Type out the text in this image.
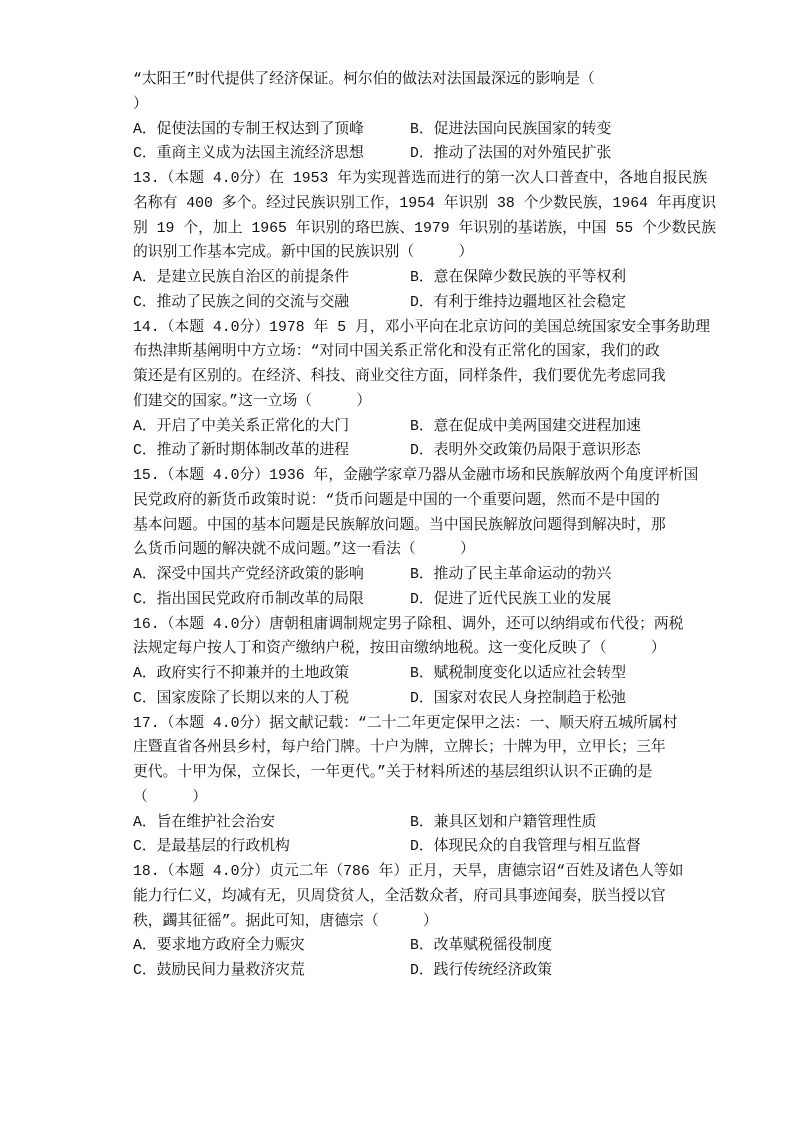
“太阳王”时代提供了经济保证。柯尔伯的做法对法国最深远的影响是（
）
A．促使法国的专制王权达到了顶峰	B．促进法国向民族国家的转变
C．重商主义成为法国主流经济思想	D．推动了法国的对外殖民扩张
13.（本题 4.0分）在 1953 年为实现普选而进行的第一次人口普查中，各地自报民族
名称有 400 多个。经过民族识别工作，1954 年识别 38 个少数民族，1964 年再度识
别 19 个，加上 1965 年识别的珞巴族、1979 年识别的基诺族，中国 55 个少数民族
的识别工作基本完成。新中国的民族识别（　　　）
A．是建立民族自治区的前提条件	B．意在保障少数民族的平等权利
C．推动了民族之间的交流与交融	D．有利于维持边疆地区社会稳定
14.（本题 4.0分）1978 年 5 月，邓小平向在北京访问的美国总统国家安全事务助理
布热津斯基阐明中方立场：“对同中国关系正常化和没有正常化的国家，我们的政
策还是有区别的。在经济、科技、商业交往方面，同样条件，我们要优先考虑同我
们建交的国家。”这一立场（　　　）
A．开启了中美关系正常化的大门	B．意在促成中美两国建交进程加速
C．推动了新时期体制改革的进程	D．表明外交政策仍局限于意识形态
15.（本题 4.0分）1936 年，金融学家章乃器从金融市场和民族解放两个角度评析国
民党政府的新货币政策时说：“货币问题是中国的一个重要问题，然而不是中国的
基本问题。中国的基本问题是民族解放问题。当中国民族解放问题得到解决时，那
么货币问题的解决就不成问题。”这一看法（　　　）
A．深受中国共产党经济政策的影响	B．推动了民主革命运动的勃兴
C．指出国民党政府币制改革的局限	D．促进了近代民族工业的发展
16.（本题 4.0分）唐朝租庸调制规定男子除租、调外，还可以纳绢或布代役；两税
法规定每户按人丁和资产缴纳户税，按田亩缴纳地税。这一变化反映了（　　　）
A．政府实行不抑兼并的土地政策	B．赋税制度变化以适应社会转型
C．国家废除了长期以来的人丁税	D．国家对农民人身控制趋于松弛
17.（本题 4.0分）据文献记载：“二十二年更定保甲之法：一、顺天府五城所属村
庄暨直省各州县乡村，每户给门牌。十户为牌，立牌长；十牌为甲，立甲长；三年
更代。十甲为保，立保长，一年更代。”关于材料所述的基层组织认识不正确的是
（　　　）
A．旨在维护社会治安	B．兼具区划和户籍管理性质
C．是最基层的行政机构	D．体现民众的自我管理与相互监督
18.（本题 4.0分）贞元二年（786 年）正月，天旱，唐德宗诏“百姓及诸色人等如
能力行仁义，均减有无，贝周贷贫人，全活数众者，府司具事迹闻奏，朕当授以官
秩，蠲其征徭”。据此可知，唐德宗（　　　）
A．要求地方政府全力赈灾	B．改革赋税徭役制度
C．鼓励民间力量救济灾荒	D．践行传统经济政策
